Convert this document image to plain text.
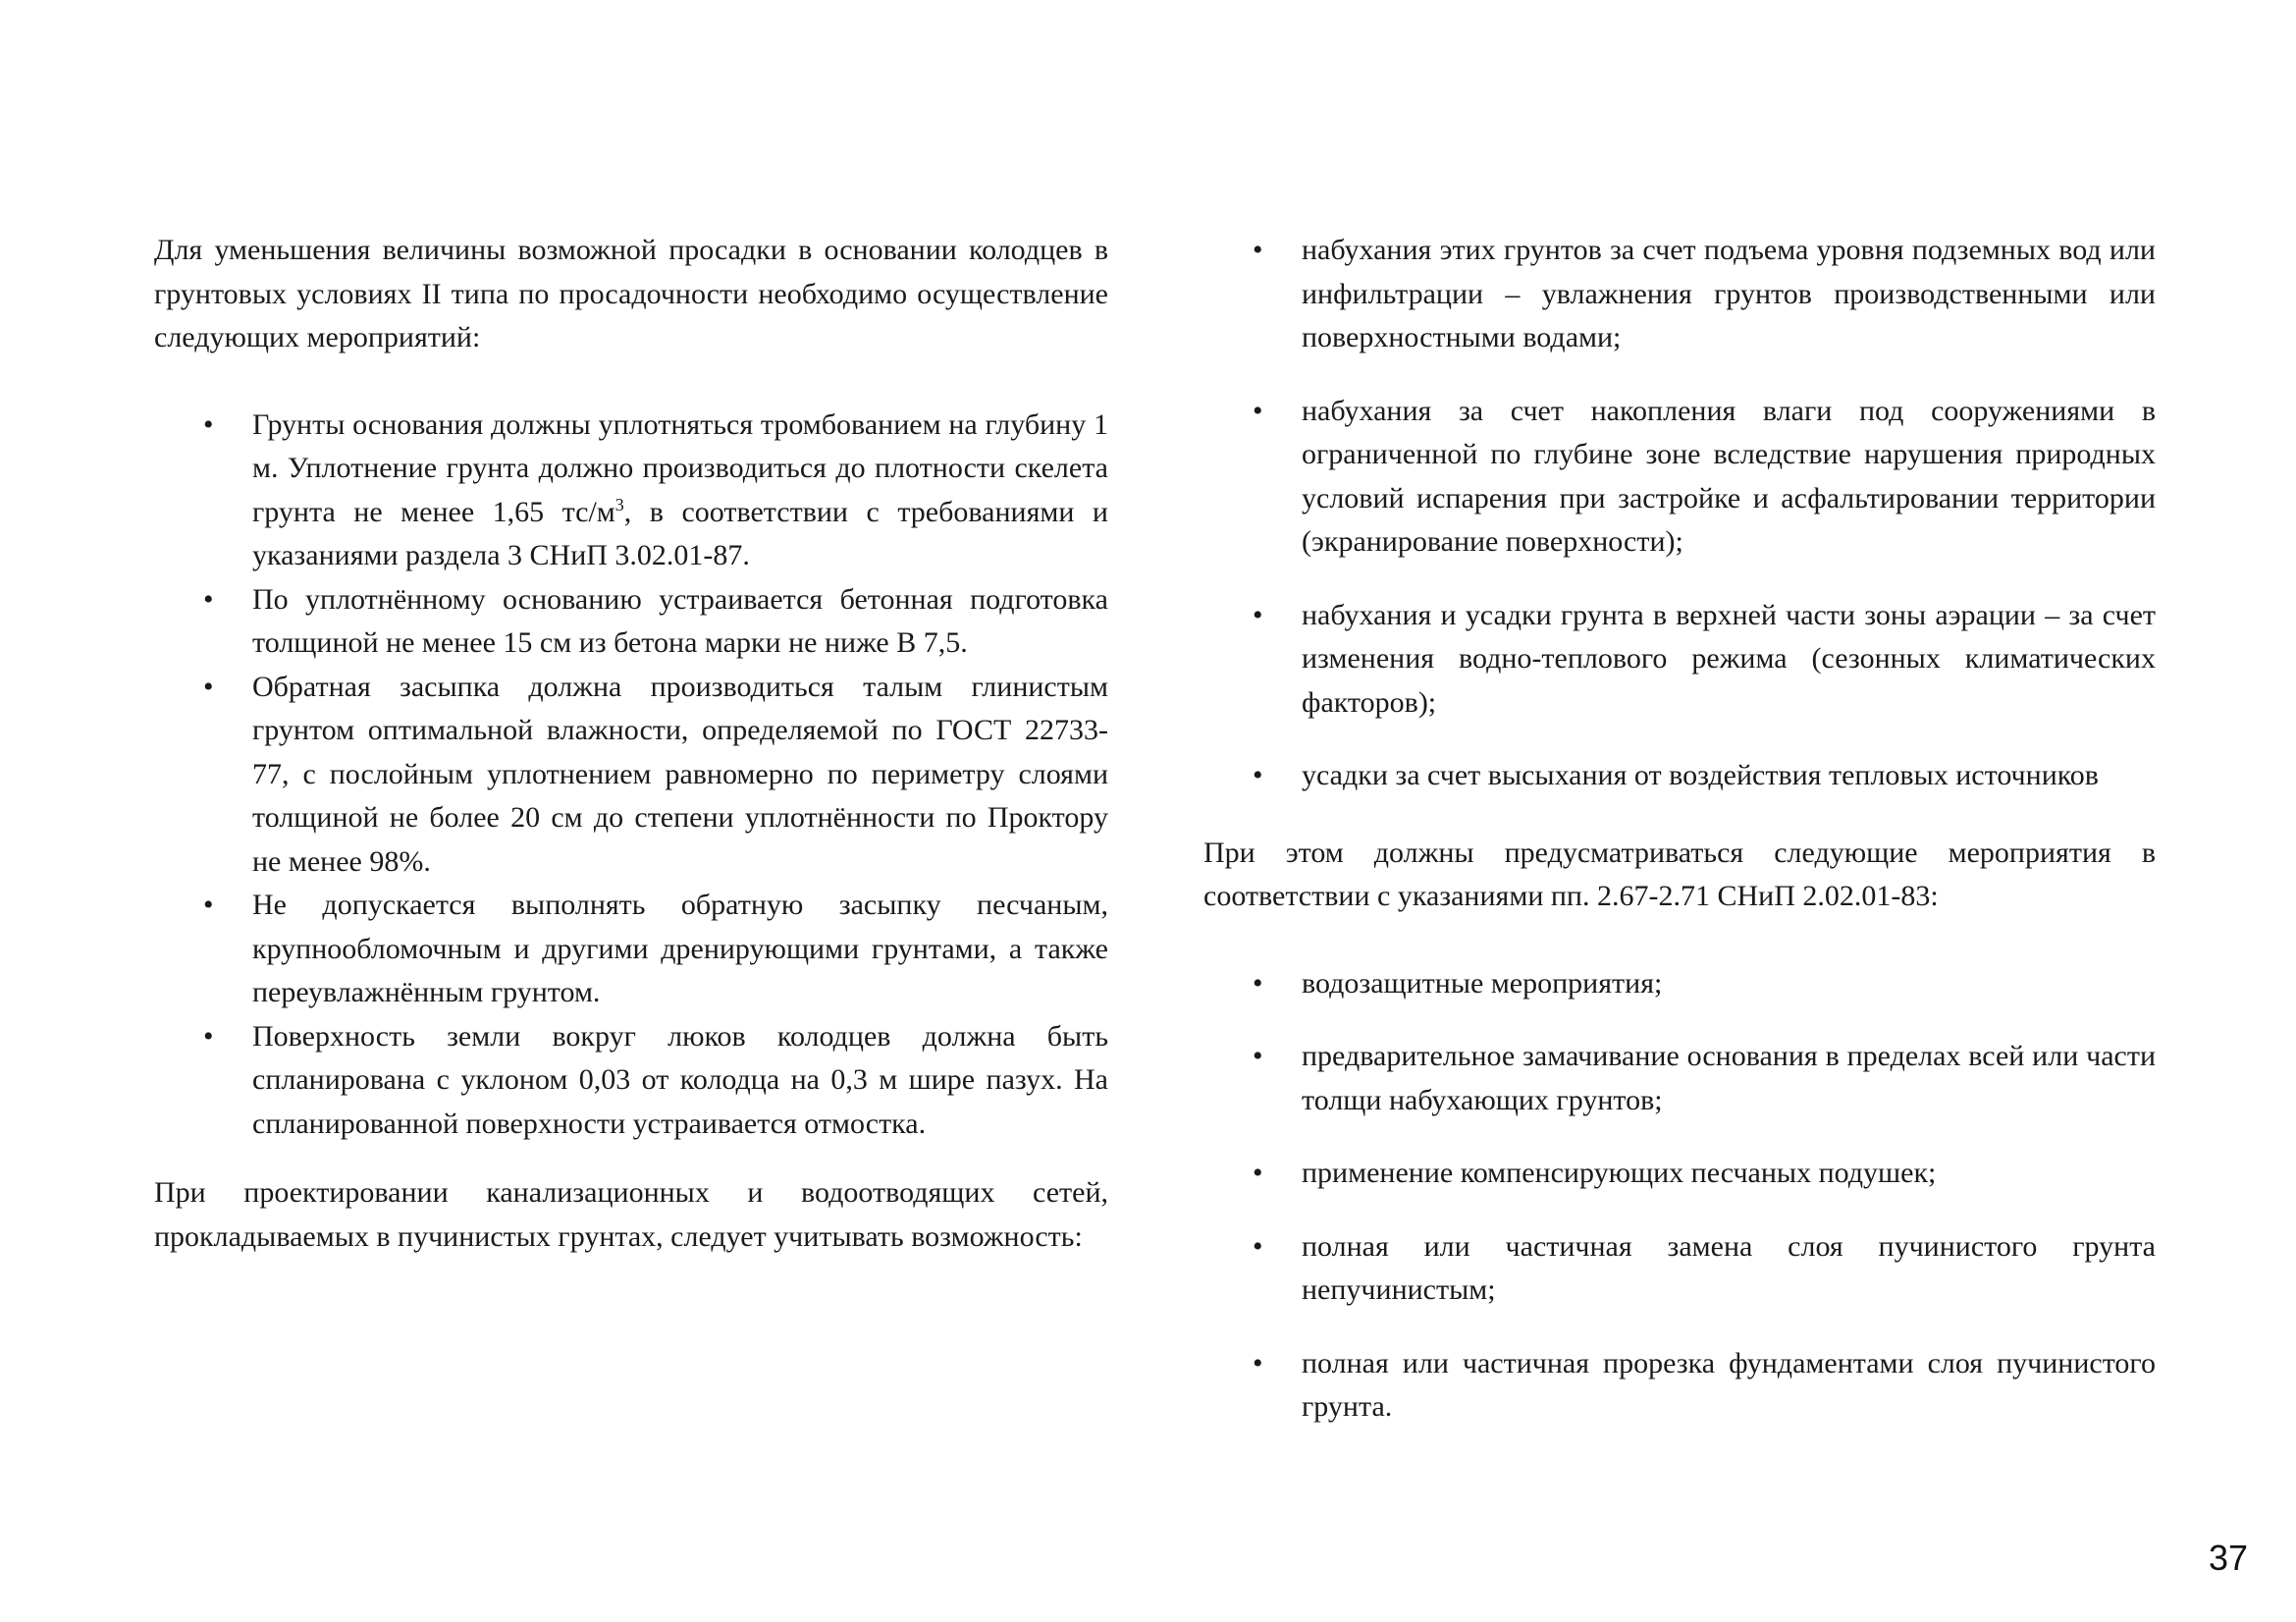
Для уменьшения величины возможной просадки в основании колодцев в грунтовых условиях II типа по просадочности необходимо осуществление следующих мероприятий:

• Грунты основания должны уплотняться тромбованием на глубину 1 м. Уплотнение грунта должно производиться до плотности скелета грунта не менее 1,65 $тс/м^3$, в соответствии с требованиями и указаниями раздела 3 СНиП 3.02.01-87.
• По уплотнённому основанию устраивается бетонная подготовка толщиной не менее 15 см из бетона марки не ниже В 7,5.
• Обратная засыпка должна производиться талым глинистым грунтом оптимальной влажности, определяемой по ГОСТ 22733-77, с послойным уплотнением равномерно по периметру слоями толщиной не более 20 см до степени уплотнённости по Проктору не менее 98%.
• Не допускается выполнять обратную засыпку песчаным, крупнообломочным и другими дренирующими грунтами, а также переувлажнённым грунтом.
• Поверхность земли вокруг люков колодцев должна быть спланирована с уклоном 0,03 от колодца на 0,3 м шире пазух. На спланированной поверхности устраивается отмостка.

При проектировании канализационных и водоотводящих сетей, прокладываемых в пучинистых грунтах, следует учитывать возможность:

• набухания этих грунтов за счет подъема уровня подземных вод или инфильтрации – увлажнения грунтов производственными или поверхностными водами;
• набухания за счет накопления влаги под сооружениями в ограниченной по глубине зоне вследствие нарушения природных условий испарения при застройке и асфальтировании территории (экранирование поверхности);
• набухания и усадки грунта в верхней части зоны аэрации – за счет изменения водно-теплового режима (сезонных климатических факторов);
• усадки за счет высыхания от воздействия тепловых источников

При этом должны предусматриваться следующие мероприятия в соответствии с указаниями пп. 2.67-2.71 СНиП 2.02.01-83:

• водозащитные мероприятия;
• предварительное замачивание основания в пределах всей или части толщи набухающих грунтов;
• применение компенсирующих песчаных подушек;
• полная или частичная замена слоя пучинистого грунта непучинистым;
• полная или частичная прорезка фундаментами слоя пучинистого грунта.
37
